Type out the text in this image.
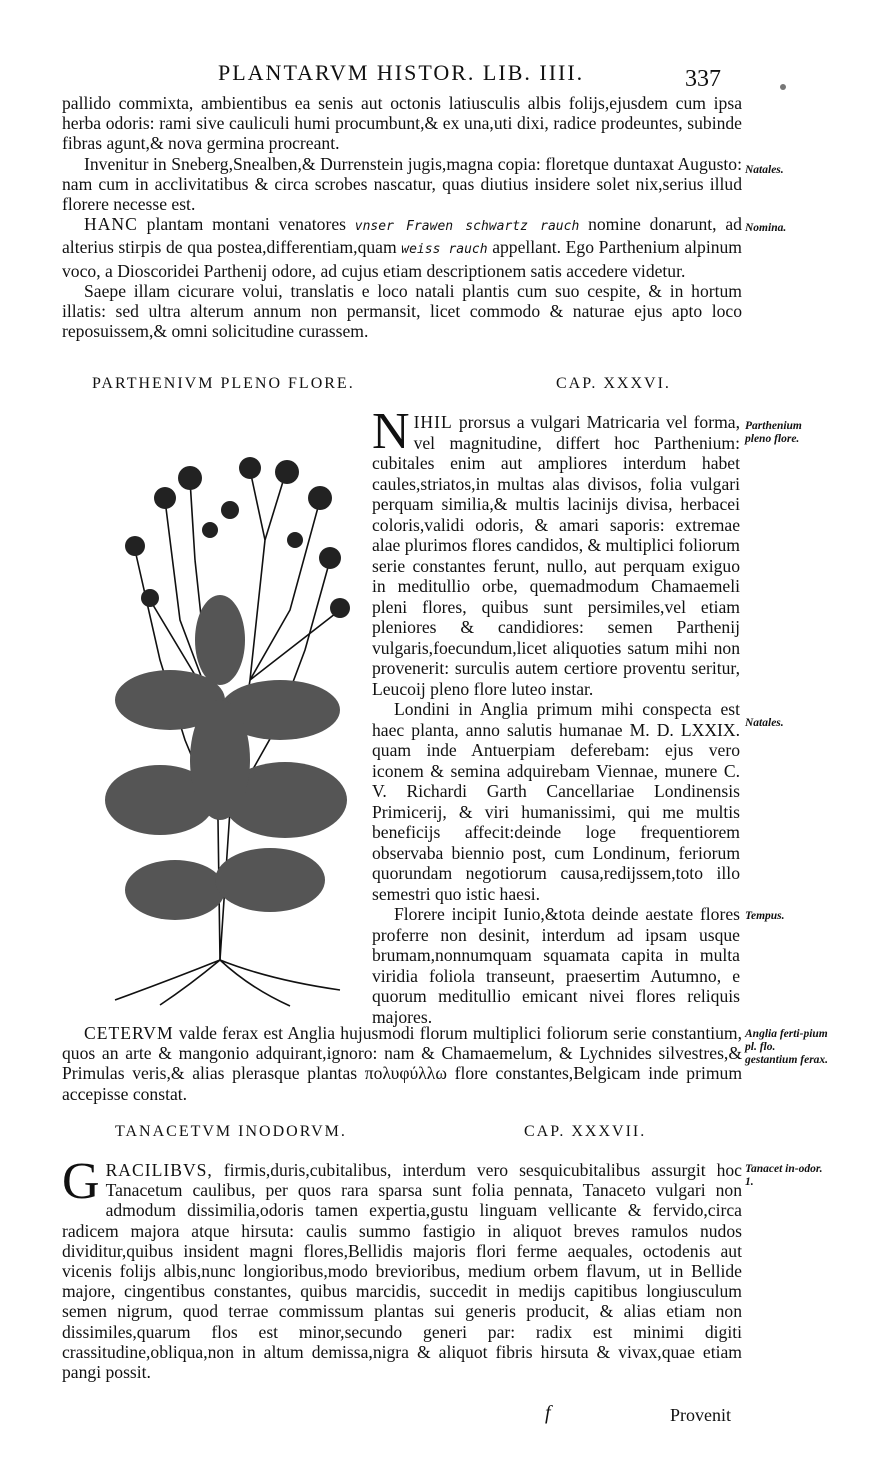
PLANTARVM HISTOR. LIB. IIII.	337

pallido commixta, ambientibus ea senis aut octonis latiusculis albis folijs,ejusdem cum ipsa herba odoris: rami sive cauliculi humi procumbunt,& ex una,uti dixi, radice prodeuntes, subinde fibras agunt,& nova germina procreant.

Invenitur in Sneberg,Snealben,& Durrenstein jugis,magna copia: floretque duntaxat Augusto: nam cum in acclivitatibus & circa scrobes nascatur, quas diutius insidere solet nix,serius illud florere necesse est.

HANC plantam montani venatores vnser Frawen schwartz rauch nomine donarunt, ad alterius stirpis de qua postea,differentiam,quam weiss rauch appellant. Ego Parthenium alpinum voco, a Dioscoridei Parthenij odore, ad cujus etiam descriptionem satis accedere videtur.

Saepe illam cicurare volui, translatis e loco natali plantis cum suo cespite, & in hortum illatis: sed ultra alterum annum non permansit, licet commodo & naturae ejus apto loco reposuissem,& omni solicitudine curassem.

Natales.
Nomina.
PARTHENIVM PLENO FLORE.	CAP. XXXVI.

NIHIL prorsus a vulgari Matricaria vel forma, vel magnitudine, differt hoc Parthenium: cubitales enim aut ampliores interdum habet caules,striatos,in multas alas divisos, folia vulgari perquam similia,& multis lacinijs divisa, herbacei coloris,validi odoris, & amari saporis: extremae alae plurimos flores candidos, & multiplici foliorum serie constantes ferunt, nullo, aut perquam exiguo in meditullio orbe, quemadmodum Chamaemeli pleni flores, quibus sunt persimiles,vel etiam pleniores & candidiores: semen Parthenij vulgaris,foecundum,licet aliquoties satum mihi non provenerit: surculis autem certiore proventu seritur, Leucoij pleno flore luteo instar.

Londini in Anglia primum mihi conspecta est haec planta, anno salutis humanae M. D. LXXIX. quam inde Antuerpiam deferebam: ejus vero iconem & semina adquirebam Viennae, munere C. V. Richardi Garth Cancellariae Londinensis Primicerij, & viri humanissimi, qui me multis beneficijs affecit:deinde loge frequentiorem observaba biennio post, cum Londinum, feriorum quorundam negotiorum causa,redijssem,toto illo semestri quo istic haesi.

Florere incipit Iunio,&tota deinde aestate flores proferre non desinit, interdum ad ipsam usque brumam,nonnumquam squamata capita in multa viridia foliola transeunt, praesertim Autumno, e quorum meditullio emicant nivei flores reliquis majores.

Parthenium pleno flore.
Natales.
Tempus.

CETERVM valde ferax est Anglia hujusmodi florum multiplici foliorum serie constantium, quos an arte & mangonio adquirant,ignoro: nam & Chamaemelum, & Lychnides silvestres,& Primulas veris,& alias plerasque plantas πολυφύλλω flore constantes,Belgicam inde primum accepisse constat.

Anglia ferti-pium pl. flo. gestantium ferax.
TANACETVM INODORVM.	CAP. XXXVII.

GRACILIBVS, firmis,duris,cubitalibus, interdum vero sesquicubitalibus assurgit hoc Tanacetum caulibus, per quos rara sparsa sunt folia pennata, Tanaceto vulgari non admodum dissimilia,odoris tamen expertia,gustu linguam vellicante & fervido,circa radicem majora atque hirsuta: caulis summo fastigio in aliquot breves ramulos nudos dividitur,quibus insident magni flores,Bellidis majoris flori ferme aequales, octodenis aut vicenis folijs albis,nunc longioribus,modo brevioribus, medium orbem flavum, ut in Bellide majore, cingentibus constantes, quibus marcidis, succedit in medijs capitibus longiusculum semen nigrum, quod terrae commissum plantas sui generis producit, & alias etiam non dissimiles,quarum flos est minor,secundo generi par: radix est minimi digiti crassitudine,obliqua,non in altum demissa,nigra & aliquot fibris hirsuta & vivax,quae etiam pangi possit.

Tanacet in-odor. 1.
f	Provenit
